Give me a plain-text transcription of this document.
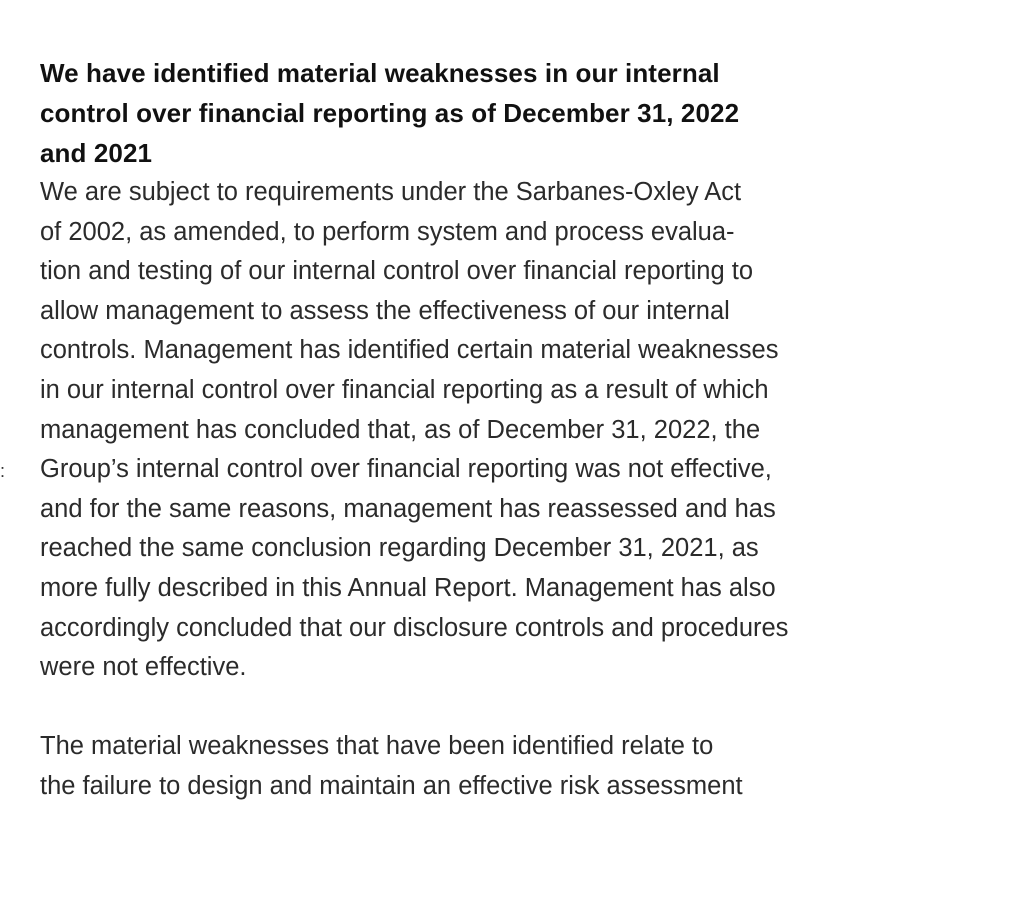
:
We have identified material weaknesses in our internal
control over financial reporting as of December 31, 2022
and 2021

We are subject to requirements under the Sarbanes-Oxley Act
of 2002, as amended, to perform system and process evalua-
tion and testing of our internal control over financial reporting to
allow management to assess the effectiveness of our internal
controls. Management has identified certain material weaknesses
in our internal control over financial reporting as a result of which
management has concluded that, as of December 31, 2022, the
Group’s internal control over financial reporting was not effective,
and for the same reasons, management has reassessed and has
reached the same conclusion regarding December 31, 2021, as
more fully described in this Annual Report. Management has also
accordingly concluded that our disclosure controls and procedures
were not effective.

The material weaknesses that have been identified relate to
the failure to design and maintain an effective risk assessment
